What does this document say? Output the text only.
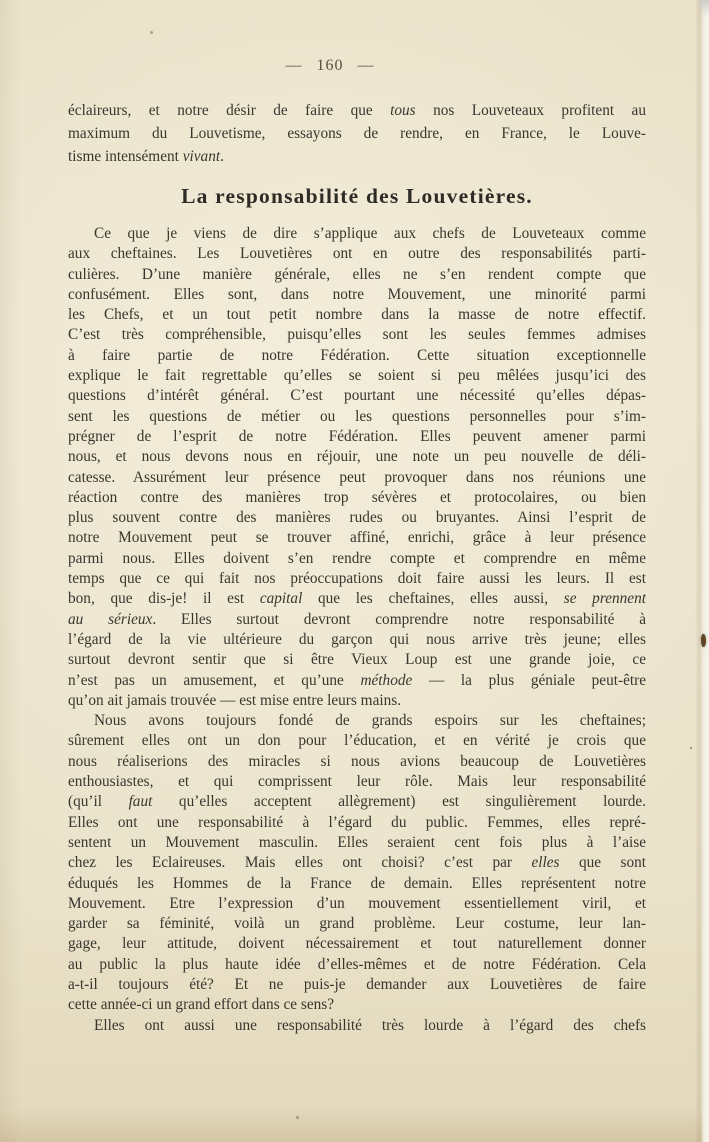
— 160 —
éclaireurs, et notre désir de faire que tous nos Louveteaux profitent au
maximum du Louvetisme, essayons de rendre, en France, le Louve-
tisme intensément vivant.
La responsabilité des Louvetières.
Ce que je viens de dire s’applique aux chefs de Louveteaux comme
aux cheftaines. Les Louvetières ont en outre des responsabilités parti-
culières. D’une manière générale, elles ne s’en rendent compte que
confusément. Elles sont, dans notre Mouvement, une minorité parmi
les Chefs, et un tout petit nombre dans la masse de notre effectif.
C’est très compréhensible, puisqu’elles sont les seules femmes admises
à faire partie de notre Fédération. Cette situation exceptionnelle
explique le fait regrettable qu’elles se soient si peu mêlées jusqu’ici des
questions d’intérêt général. C’est pourtant une nécessité qu’elles dépas-
sent les questions de métier ou les questions personnelles pour s’im-
prégner de l’esprit de notre Fédération. Elles peuvent amener parmi
nous, et nous devons nous en réjouir, une note un peu nouvelle de déli-
catesse. Assurément leur présence peut provoquer dans nos réunions une
réaction contre des manières trop sévères et protocolaires, ou bien
plus souvent contre des manières rudes ou bruyantes. Ainsi l’esprit de
notre Mouvement peut se trouver affiné, enrichi, grâce à leur présence
parmi nous. Elles doivent s’en rendre compte et comprendre en même
temps que ce qui fait nos préoccupations doit faire aussi les leurs. Il est
bon, que dis-je! il est capital que les cheftaines, elles aussi, se prennent
au sérieux. Elles surtout devront comprendre notre responsabilité à
l’égard de la vie ultérieure du garçon qui nous arrive très jeune; elles
surtout devront sentir que si être Vieux Loup est une grande joie, ce
n’est pas un amusement, et qu’une méthode — la plus géniale peut-être
qu’on ait jamais trouvée — est mise entre leurs mains.
Nous avons toujours fondé de grands espoirs sur les cheftaines;
sûrement elles ont un don pour l’éducation, et en vérité je crois que
nous réaliserions des miracles si nous avions beaucoup de Louvetières
enthousiastes, et qui comprissent leur rôle. Mais leur responsabilité
(qu’il faut qu’elles acceptent allègrement) est singulièrement lourde.
Elles ont une responsabilité à l’égard du public. Femmes, elles repré-
sentent un Mouvement masculin. Elles seraient cent fois plus à l’aise
chez les Eclaireuses. Mais elles ont choisi? c’est par elles que sont
éduqués les Hommes de la France de demain. Elles représentent notre
Mouvement. Etre l’expression d’un mouvement essentiellement viril, et
garder sa féminité, voilà un grand problème. Leur costume, leur lan-
gage, leur attitude, doivent nécessairement et tout naturellement donner
au public la plus haute idée d’elles-mêmes et de notre Fédération. Cela
a-t-il toujours été? Et ne puis-je demander aux Louvetières de faire
cette année-ci un grand effort dans ce sens?
Elles ont aussi une responsabilité très lourde à l’égard des chefs
